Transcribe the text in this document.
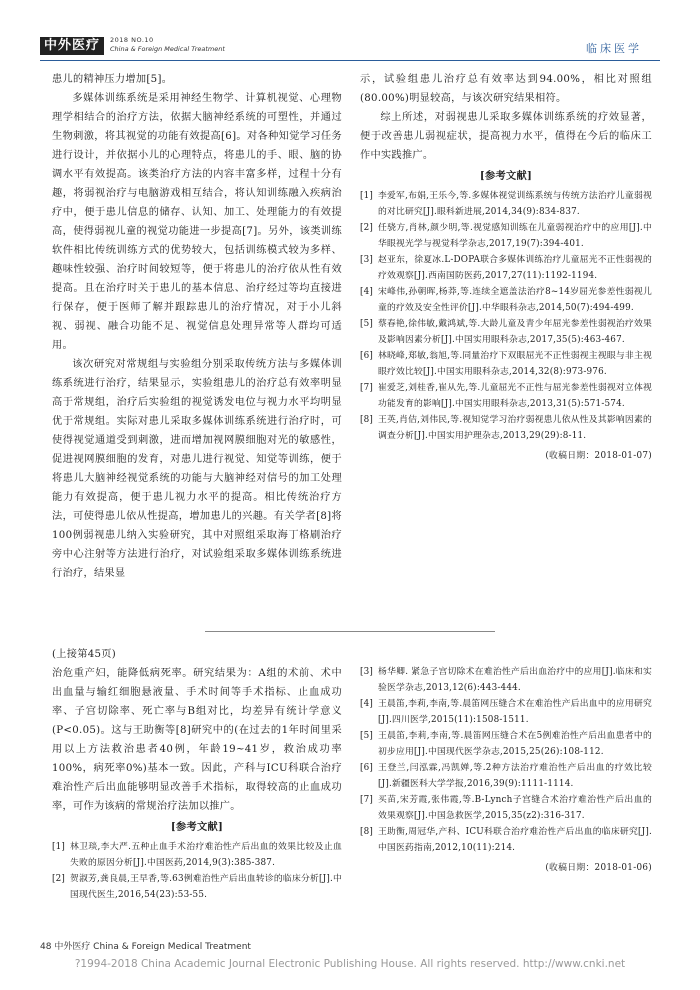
中外医疗	2018 NO.10
China & Foreign Medical Treatment	临床医学

患儿的精神压力增加[5]。

多媒体训练系统是采用神经生物学、计算机视觉、心理物理学相结合的治疗方法，依据大脑神经系统的可塑性，并通过生物刺激，将其视觉的功能有效提高[6]。对各种知觉学习任务进行设计，并依据小儿的心理特点，将患儿的手、眼、脑的协调水平有效提高。该类治疗方法的内容丰富多样，过程十分有趣，将弱视治疗与电脑游戏相互结合，将认知训练融入疾病治疗中，便于患儿信息的储存、认知、加工、处理能力的有效提高，使得弱视儿童的视觉功能进一步提高[7]。另外，该类训练软件相比传统训练方式的优势较大，包括训练模式较为多样、趣味性较强、治疗时间较短等，便于将患儿的治疗依从性有效提高。且在治疗时关于患儿的基本信息、治疗经过等均直接进行保存，便于医师了解并跟踪患儿的治疗情况，对于小儿斜视、弱视、融合功能不足、视觉信息处理异常等人群均可适用。

该次研究对常规组与实验组分别采取传统方法与多媒体训练系统进行治疗，结果显示，实验组患儿的治疗总有效率明显高于常规组，治疗后实验组的视觉诱发电位与视力水平均明显优于常规组。实际对患儿采取多媒体训练系统进行治疗时，可使得视觉通道受到刺激，进而增加视网膜细胞对光的敏感性，促进视网膜细胞的发育，对患儿进行视觉、知觉等训练，便于将患儿大脑神经视觉系统的功能与大脑神经对信号的加工处理能力有效提高，便于患儿视力水平的提高。相比传统治疗方法，可使得患儿依从性提高，增加患儿的兴趣。有关学者[8]将100例弱视患儿纳入实验研究，其中对照组采取海丁格刷治疗旁中心注射等方法进行治疗，对试验组采取多媒体训练系统进行治疗，结果显

示，试验组患儿治疗总有效率达到94.00%，相比对照组(80.00%)明显较高，与该次研究结果相符。

综上所述，对弱视患儿采取多媒体训练系统的疗效显著，便于改善患儿弱视症状，提高视力水平，值得在今后的临床工作中实践推广。

[参考文献]
[1] 李爱军,布娟,王乐今,等.多媒体视觉训练系统与传统方法治疗儿童弱视的对比研究[J].眼科新进展,2014,34(9):834-837.
[2] 任骁方,肖林,颜少明,等.视觉感知训练在儿童弱视治疗中的应用[J].中华眼视光学与视觉科学杂志,2017,19(7):394-401.
[3] 赵亚东，徐夏冰.L-DOPA联合多媒体训练治疗儿童屈光不正性弱视的疗效观察[J].西南国防医药,2017,27(11):1192-1194.
[4] 宋峰伟,孙朝晖,杨莽,等.连续全遮盖法治疗8~14岁屈光参差性弱视儿童的疗效及安全性评价[J].中华眼科杂志,2014,50(7):494-499.
[5] 蔡春艳,徐伟敏,戴鸿斌,等.大龄儿童及青少年屈光参差性弱视治疗效果及影响因素分析[J].中国实用眼科杂志,2017,35(5):463-467.
[6] 林晓峰,郑敏,翁旭,等.同量治疗下双眼屈光不正性弱视主视眼与非主视眼疗效比较[J].中国实用眼科杂志,2014,32(8):973-976.
[7] 崔爱芝,刘桂香,崔从先,等.儿童屈光不正性与屈光参差性弱视对立体视功能发育的影响[J].中国实用眼科杂志,2013,31(5):571-574.
[8] 王英,肖佶,刘伟民,等.视知觉学习治疗弱视患儿依从性及其影响因素的调查分析[J].中国实用护理杂志,2013,29(29):8-11.
(收稿日期：2018-01-07)

(上接第45页)

治危重产妇，能降低病死率。研究结果为：A组的术前、术中出血量与输红细胞悬液量、手术时间等手术指标、止血成功率、子宫切除率、死亡率与B组对比，均差异有统计学意义(P<0.05)。这与王助衡等[8]研究中的(在过去的1年时间里采用以上方法救治患者40例，年龄19~41岁，救治成功率100%，病死率0%)基本一致。因此，产科与ICU科联合治疗难治性产后出血能够明显改善手术指标，取得较高的止血成功率，可作为该病的常规治疗法加以推广。

[参考文献]
[1] 林卫琰,李大严.五种止血手术治疗难治性产后出血的效果比较及止血失败的原因分析[J].中国医药,2014,9(3):385-387.
[2] 贺淑芳,龚良晨,王早香,等.63例难治性产后出血转诊的临床分析[J].中国现代医生,2016,54(23):53-55.
[3] 杨华卿. 紧急子宫切除术在难治性产后出血治疗中的应用[J].临床和实验医学杂志,2013,12(6):443-444.
[4] 王晨笛,李莉,李南,等.晨笛网压缝合术在难治性产后出血中的应用研究[J].四川医学,2015(11):1508-1511.
[5] 王晨笛,李莉,李南,等.晨笛网压缝合术在5例难治性产后出血患者中的初步应用[J].中国现代医学杂志,2015,25(26):108-112.
[6] 王登兰,闫泓霖,冯凯婵,等.2种方法治疗难治性产后出血的疗效比较[J].新疆医科大学学报,2016,39(9):1111-1114.
[7] 买苗,宋芳霞,张伟霞,等.B-Lynch子宫缝合术治疗难治性产后出血的效果观察[J].中国急救医学,2015,35(z2):316-317.
[8] 王助衡,周冠华,产科、ICU科联合治疗难治性产后出血的临床研究[J].中国医药指南,2012,10(11):214.
(收稿日期：2018-01-06)
48 中外医疗 China & Foreign Medical Treatment
?1994-2018 China Academic Journal Electronic Publishing House. All rights reserved. http://www.cnki.net
